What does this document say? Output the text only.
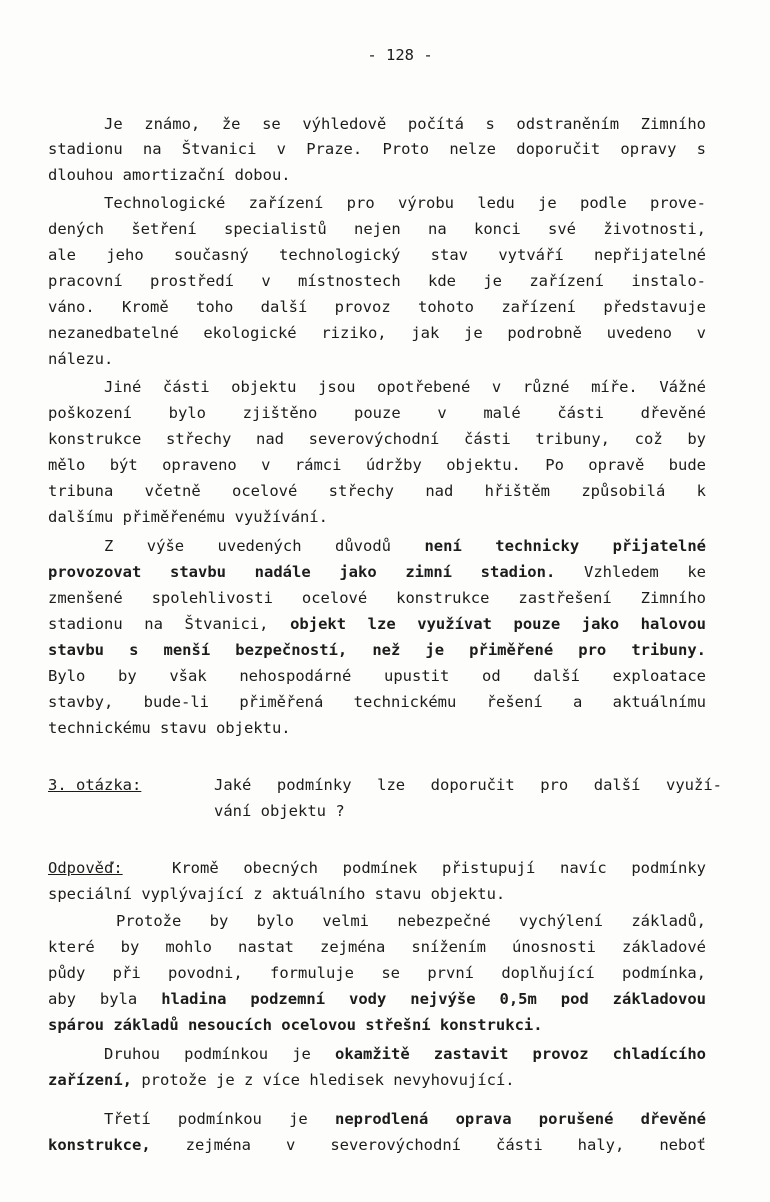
- 128 -
Je známo, že se výhledově počítá s odstraněním Zimního
stadionu na Štvanici v Praze. Proto nelze doporučit opravy s
dlouhou amortizační dobou.
Technologické zařízení pro výrobu ledu je podle prove-
dených šetření specialistů nejen na konci své životnosti,
ale jeho současný technologický stav vytváří nepřijatelné
pracovní prostředí v místnostech kde je zařízení instalo-
váno. Kromě toho další provoz tohoto zařízení představuje
nezanedbatelné ekologické riziko, jak je podrobně uvedeno v
nálezu.
Jiné části objektu jsou opotřebené v různé míře. Vážné
poškození bylo zjištěno pouze v malé části dřevěné
konstrukce střechy nad severovýchodní části tribuny, což by
mělo být opraveno v rámci údržby objektu. Po opravě bude
tribuna včetně ocelové střechy nad hřištěm způsobilá k
dalšímu přiměřenému využívání.
Z výše uvedených důvodů není technicky přijatelné
provozovat stavbu nadále jako zimní stadion. Vzhledem ke
zmenšené spolehlivosti ocelové konstrukce zastřešení Zimního
stadionu na Štvanici, objekt lze využívat pouze jako halovou
stavbu s menší bezpečností, než je přiměřené pro tribuny.
Bylo by však nehospodárné upustit od další exploatace
stavby, bude-li přiměřená technickému řešení a aktuálnímu
technickému stavu objektu.
3. otázka:	Jaké podmínky lze doporučit pro další využí-
vání objektu ?
Odpověď:	Kromě obecných podmínek přistupují navíc podmínky
speciální vyplývající z aktuálního stavu objektu.
Protože by bylo velmi nebezpečné vychýlení základů,
které by mohlo nastat zejména snížením únosnosti základové
půdy při povodni, formuluje se první doplňující podmínka,
aby byla hladina podzemní vody nejvýše 0,5m pod základovou
spárou základů nesoucích ocelovou střešní konstrukci.
Druhou podmínkou je okamžitě zastavit provoz chladícího
zařízení, protože je z více hledisek nevyhovující.
Třetí podmínkou je neprodlená oprava porušené dřevěné
konstrukce, zejména v severovýchodní části haly, neboť
